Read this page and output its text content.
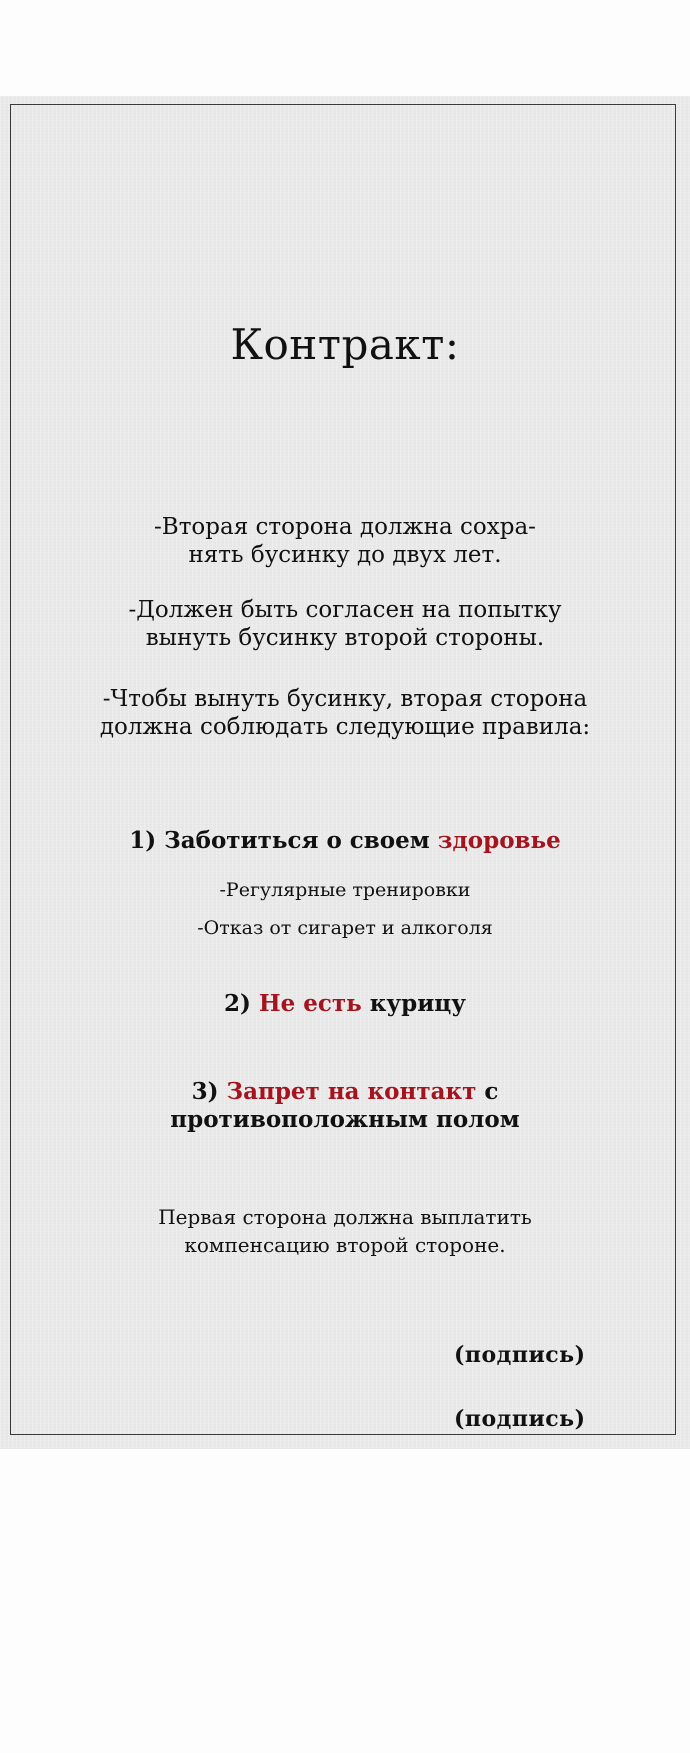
Контракт:
-Вторая сторона должна сохра-
нять бусинку до двух лет.
-Должен быть согласен на попытку
вынуть бусинку второй стороны.
-Чтобы вынуть бусинку, вторая сторона
должна соблюдать следующие правила:
1) Заботиться о своем здоровье
-Регулярные тренировки
-Отказ от сигарет и алкоголя
2) Не есть курицу
3) Запрет на контакт с
противоположным полом
Первая сторона должна выплатить
компенсацию второй стороне.
(подпись)
(подпись)
